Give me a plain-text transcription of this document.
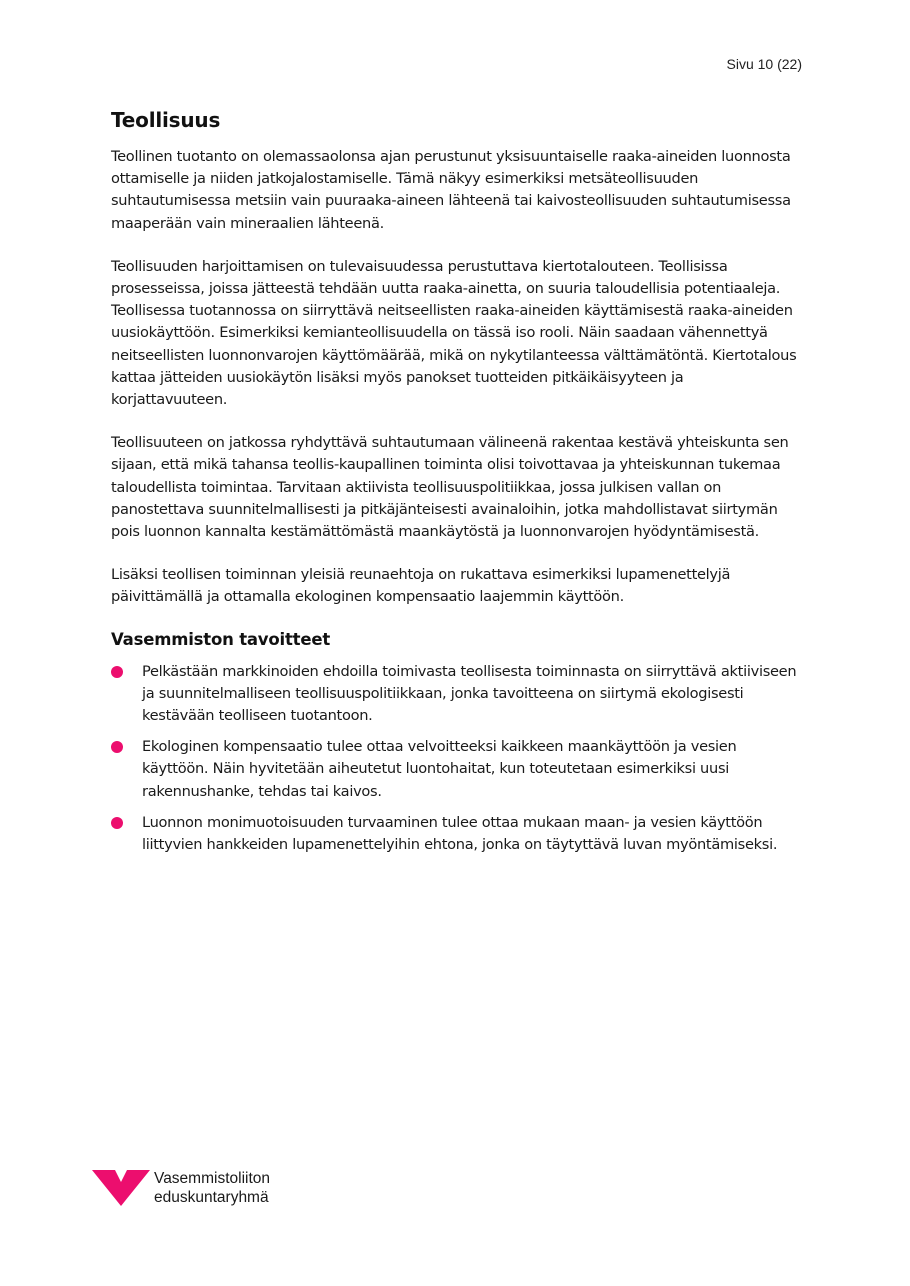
Sivu 10 (22)
Teollisuus

Teollinen tuotanto on olemassaolonsa ajan perustunut yksisuuntaiselle raaka-aineiden luonnosta ottamiselle ja niiden jatkojalostamiselle. Tämä näkyy esimerkiksi metsäteollisuuden suhtautumisessa metsiin vain puuraaka-aineen lähteenä tai kaivosteollisuuden suhtautumisessa maaperään vain mineraalien lähteenä.

Teollisuuden harjoittamisen on tulevaisuudessa perustuttava kiertotalouteen. Teollisissa prosesseissa, joissa jätteestä tehdään uutta raaka-ainetta, on suuria taloudellisia potentiaaleja. Teollisessa tuotannossa on siirryttävä neitseellisten raaka-aineiden käyttämisestä raaka-aineiden uusiokäyttöön. Esimerkiksi kemianteollisuudella on tässä iso rooli. Näin saadaan vähennettyä neitseellisten luonnonvarojen käyttömäärää, mikä on nykytilanteessa välttämätöntä. Kiertotalous kattaa jätteiden uusiokäytön lisäksi myös panokset tuotteiden pitkäikäisyyteen ja korjattavuuteen.

Teollisuuteen on jatkossa ryhdyttävä suhtautumaan välineenä rakentaa kestävä yhteiskunta sen sijaan, että mikä tahansa teollis-kaupallinen toiminta olisi toivottavaa ja yhteiskunnan tukemaa taloudellista toimintaa. Tarvitaan aktiivista teollisuuspolitiikkaa, jossa julkisen vallan on panostettava suunnitelmallisesti ja pitkäjänteisesti avainaloihin, jotka mahdollistavat siirtymän pois luonnon kannalta kestämättömästä maankäytöstä ja luonnonvarojen hyödyntämisestä.

Lisäksi teollisen toiminnan yleisiä reunaehtoja on rukattava esimerkiksi lupamenettelyjä päivittämällä ja ottamalla ekologinen kompensaatio laajemmin käyttöön.

Vasemmiston tavoitteet
Pelkästään markkinoiden ehdoilla toimivasta teollisesta toiminnasta on siirryttävä aktiiviseen ja suunnitelmalliseen teollisuuspolitiikkaan, jonka tavoitteena on siirtymä ekologisesti kestävään teolliseen tuotantoon.
Ekologinen kompensaatio tulee ottaa velvoitteeksi kaikkeen maankäyttöön ja vesien käyttöön. Näin hyvitetään aiheutetut luontohaitat, kun toteutetaan esimerkiksi uusi rakennushanke, tehdas tai kaivos.
Luonnon monimuotoisuuden turvaaminen tulee ottaa mukaan maan- ja vesien käyttöön liittyvien hankkeiden lupamenettelyihin ehtona, jonka on täytyttävä luvan myöntämiseksi.
Vasemmistoliiton
eduskuntaryhmä
